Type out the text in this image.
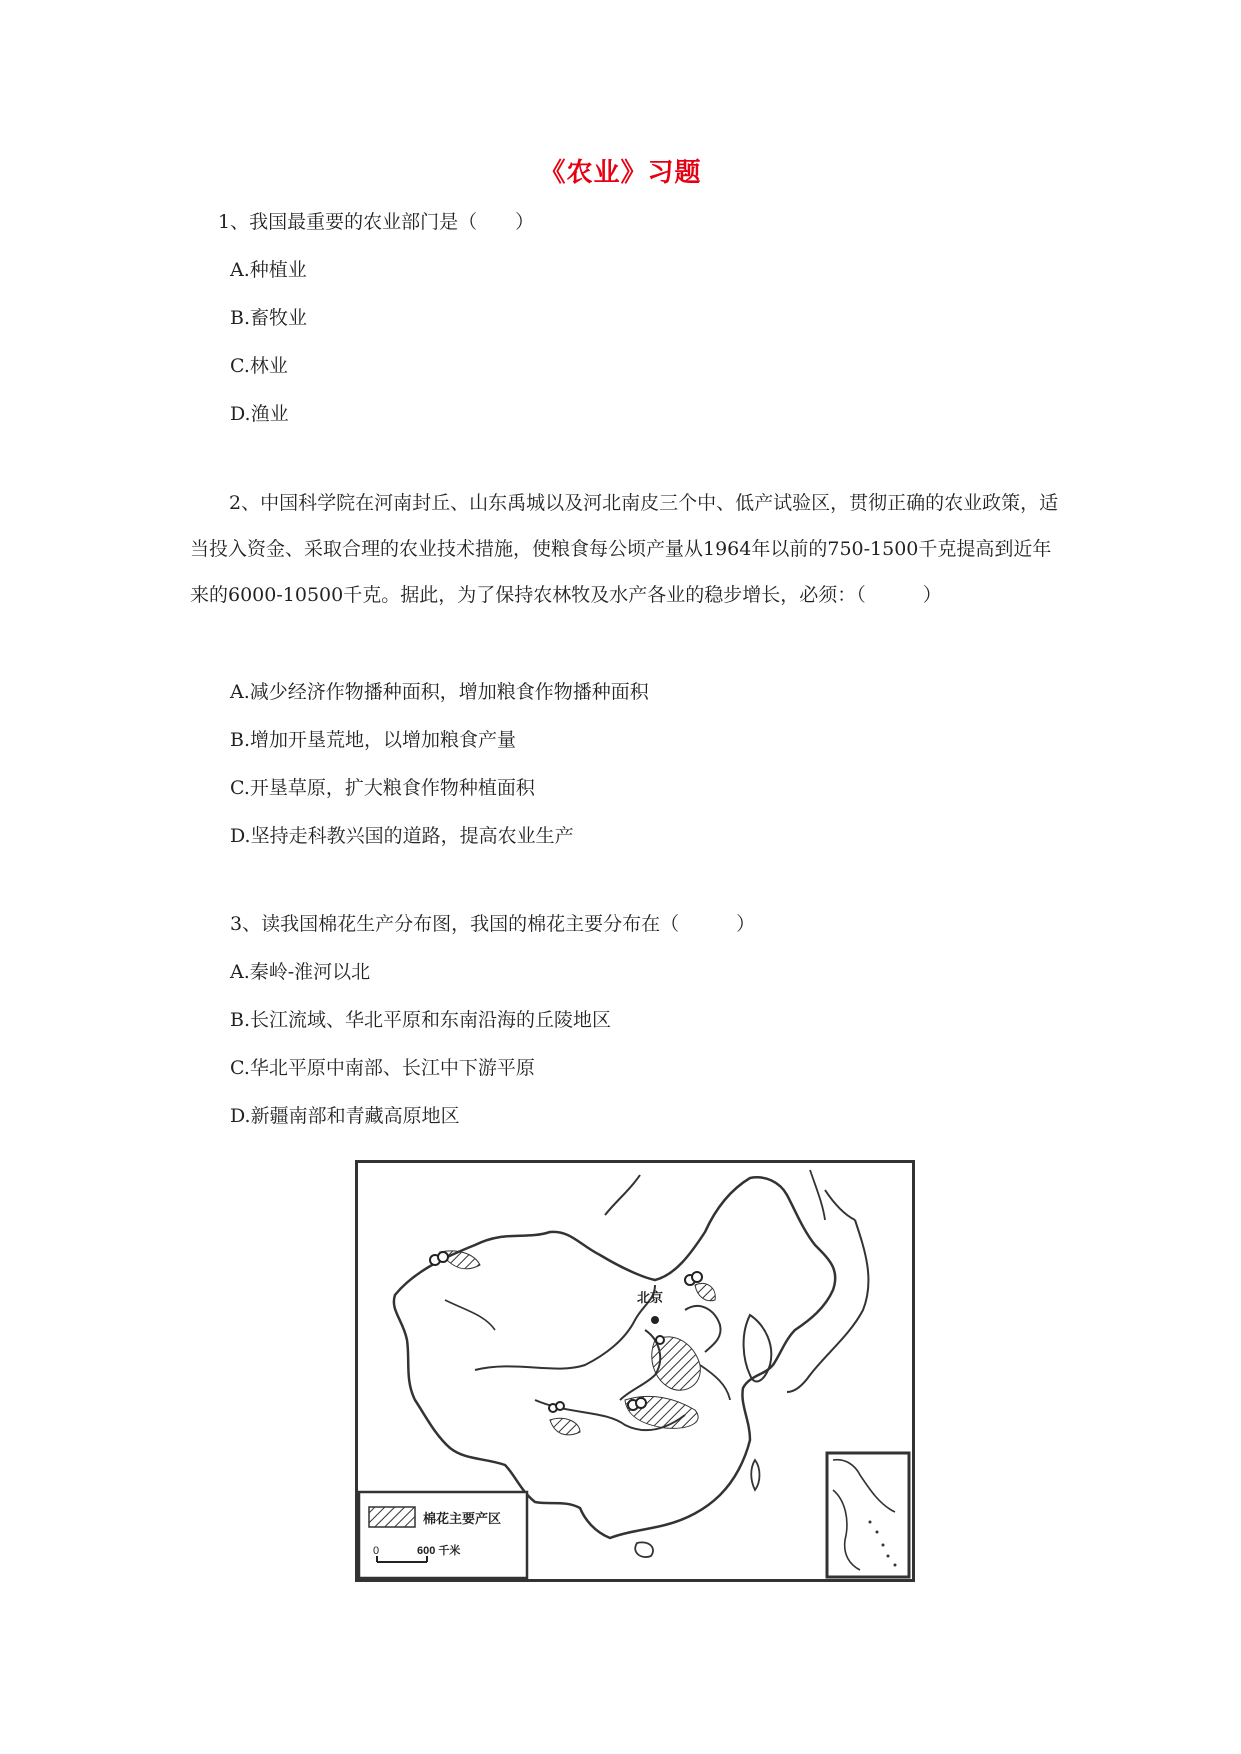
《农业》习题
1、我国最重要的农业部门是（　　）
A.种植业
B.畜牧业
C.林业
D.渔业
2、中国科学院在河南封丘、山东禹城以及河北南皮三个中、低产试验区，贯彻正确的农业政策，适当投入资金、采取合理的农业技术措施，使粮食每公顷产量从1964年以前的750-1500千克提高到近年来的6000-10500千克。据此，为了保持农林牧及水产各业的稳步增长，必须：（　　　）
A.减少经济作物播种面积，增加粮食作物播种面积
B.增加开垦荒地，以增加粮食产量
C.开垦草原，扩大粮食作物种植面积
D.坚持走科教兴国的道路，提高农业生产
3、读我国棉花生产分布图，我国的棉花主要分布在（　　　）
A.秦岭-淮河以北
B.长江流域、华北平原和东南沿海的丘陵地区
C.华北平原中南部、长江中下游平原
D.新疆南部和青藏高原地区
北京
棉花主要产区
0	600 千米
